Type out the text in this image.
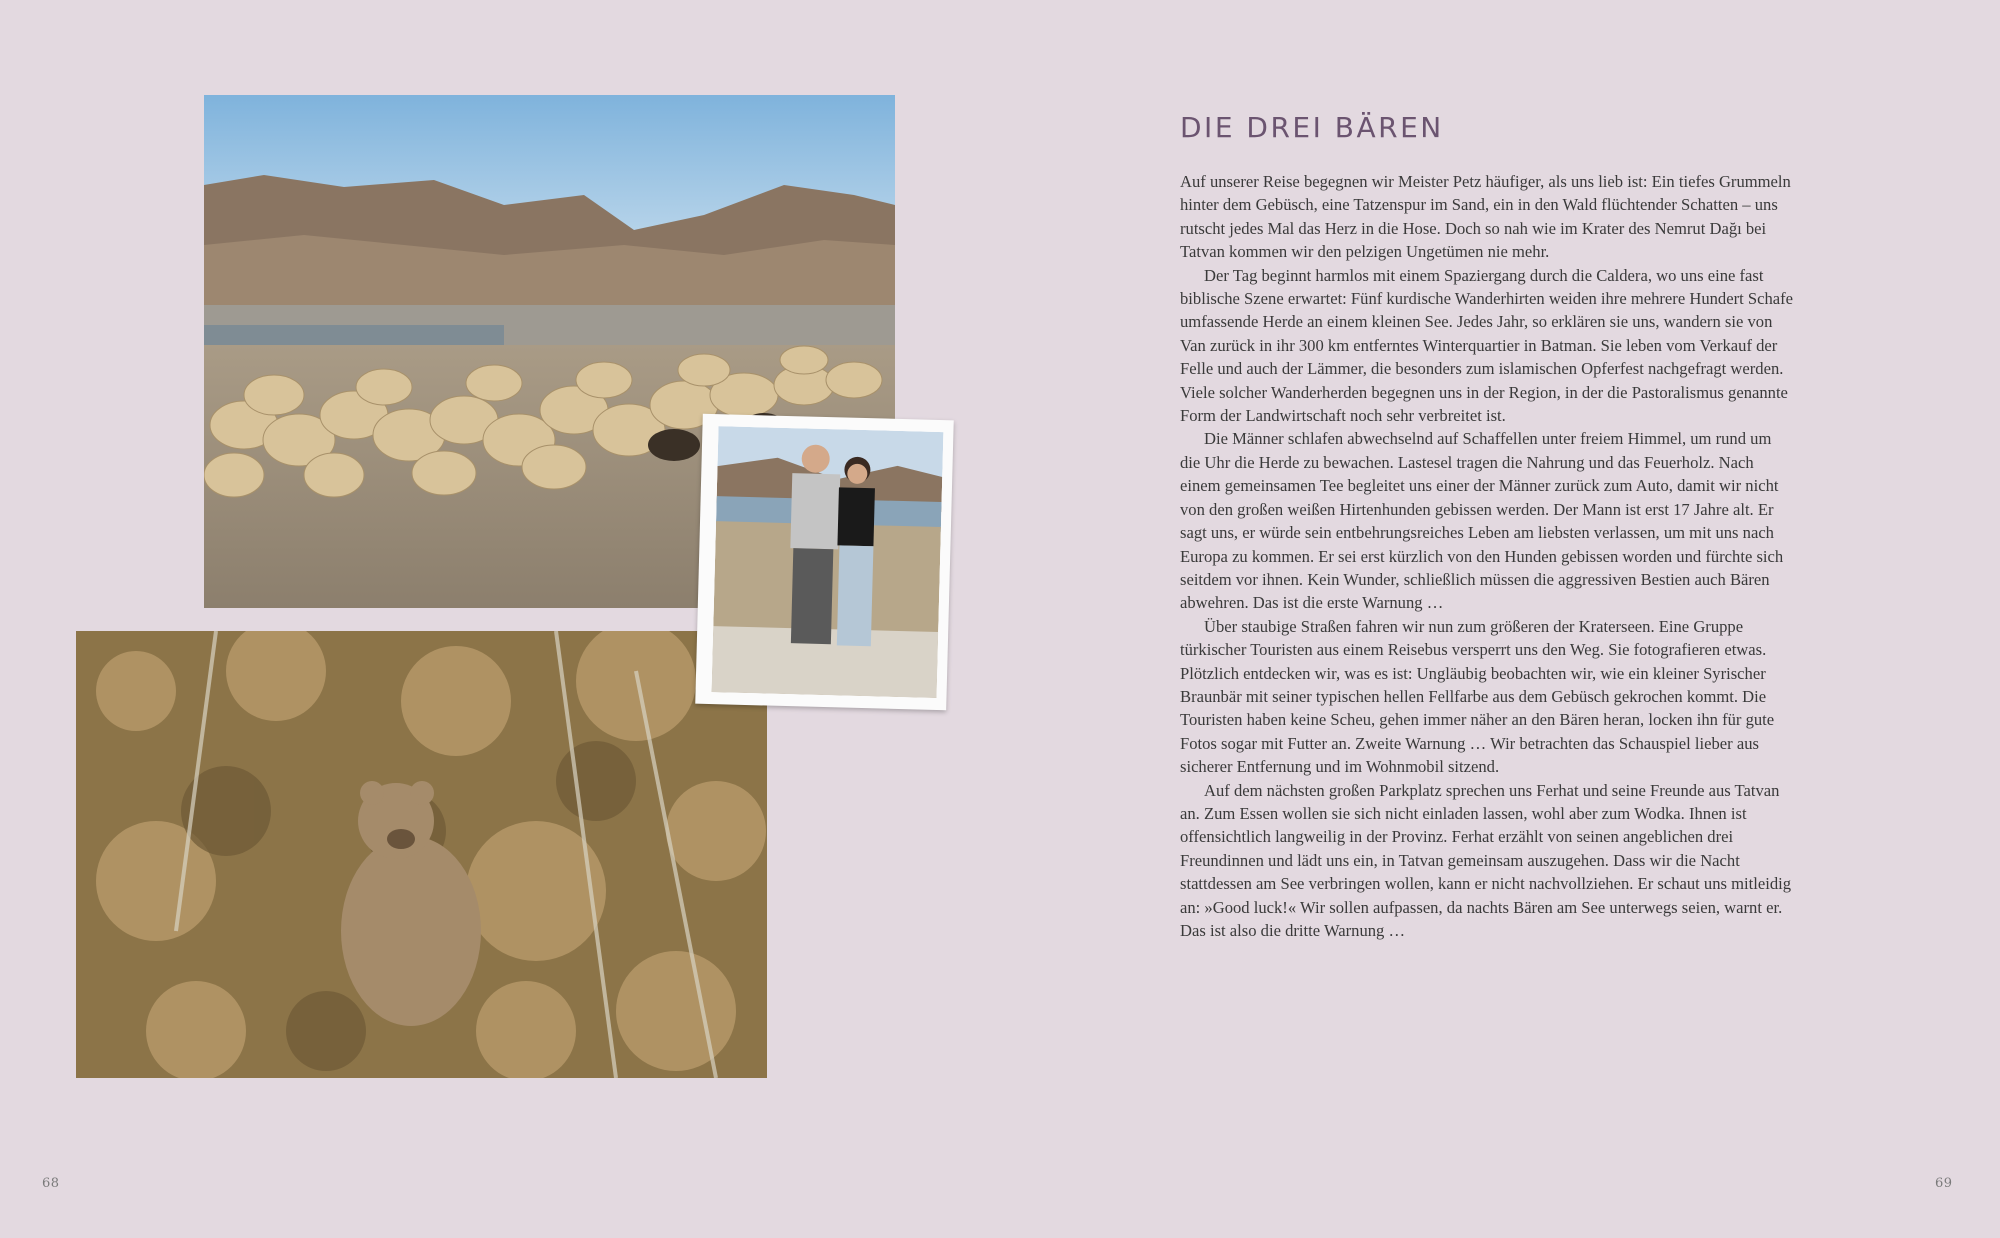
DIE DREI BÄREN

Auf unserer Reise begegnen wir Meister Petz häufiger, als uns lieb ist: Ein tiefes Grummeln hinter dem Gebüsch, eine Tatzenspur im Sand, ein in den Wald flüchtender Schatten – uns rutscht jedes Mal das Herz in die Hose. Doch so nah wie im Krater des Nemrut Dağı bei Tatvan kommen wir den pelzigen Ungetümen nie mehr.

Der Tag beginnt harmlos mit einem Spaziergang durch die Caldera, wo uns eine fast biblische Szene erwartet: Fünf kurdische Wanderhirten weiden ihre mehrere Hundert Schafe umfassende Herde an einem kleinen See. Jedes Jahr, so erklären sie uns, wandern sie von Van zurück in ihr 300 km entferntes Winterquartier in Batman. Sie leben vom Verkauf der Felle und auch der Lämmer, die besonders zum islamischen Opferfest nachgefragt werden. Viele solcher Wanderherden begegnen uns in der Region, in der die Pastoralismus genannte Form der Landwirtschaft noch sehr verbreitet ist.

Die Männer schlafen abwechselnd auf Schaffellen unter freiem Himmel, um rund um die Uhr die Herde zu bewachen. Lastesel tragen die Nahrung und das Feuerholz. Nach einem gemeinsamen Tee begleitet uns einer der Männer zurück zum Auto, damit wir nicht von den großen weißen Hirtenhunden gebissen werden. Der Mann ist erst 17 Jahre alt. Er sagt uns, er würde sein entbehrungsreiches Leben am liebsten verlassen, um mit uns nach Europa zu kommen. Er sei erst kürzlich von den Hunden gebissen worden und fürchte sich seitdem vor ihnen. Kein Wunder, schließlich müssen die aggressiven Bestien auch Bären abwehren. Das ist die erste Warnung …

Über staubige Straßen fahren wir nun zum größeren der Kraterseen. Eine Gruppe türkischer Touristen aus einem Reisebus versperrt uns den Weg. Sie fotografieren etwas. Plötzlich entdecken wir, was es ist: Ungläubig beobachten wir, wie ein kleiner Syrischer Braunbär mit seiner typischen hellen Fellfarbe aus dem Gebüsch gekrochen kommt. Die Touristen haben keine Scheu, gehen immer näher an den Bären heran, locken ihn für gute Fotos sogar mit Futter an. Zweite Warnung … Wir betrachten das Schauspiel lieber aus sicherer Entfernung und im Wohnmobil sitzend.

Auf dem nächsten großen Parkplatz sprechen uns Ferhat und seine Freunde aus Tatvan an. Zum Essen wollen sie sich nicht einladen lassen, wohl aber zum Wodka. Ihnen ist offensichtlich langweilig in der Provinz. Ferhat erzählt von seinen angeblichen drei Freundinnen und lädt uns ein, in Tatvan gemeinsam auszugehen. Dass wir die Nacht stattdessen am See verbringen wollen, kann er nicht nachvollziehen. Er schaut uns mitleidig an: »Good luck!« Wir sollen aufpassen, da nachts Bären am See unterwegs seien, warnt er. Das ist also die dritte Warnung …

68	69
